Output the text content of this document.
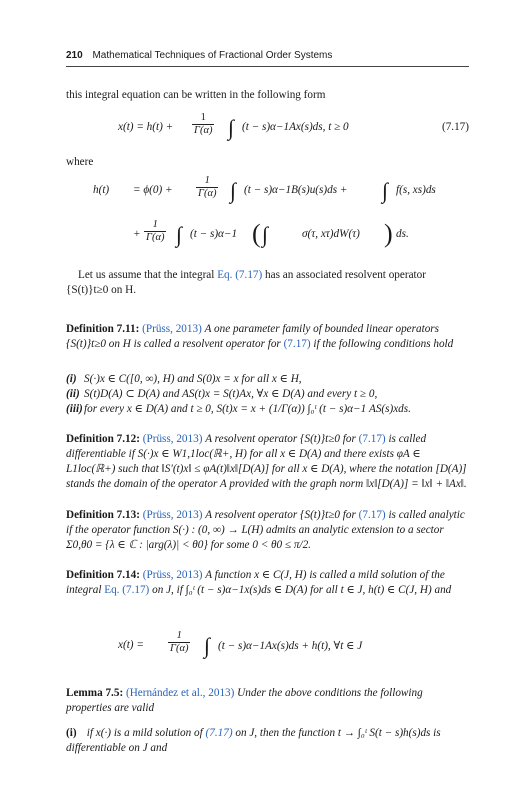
210 Mathematical Techniques of Fractional Order Systems
this integral equation can be written in the following form
$x(t) = h(t) + \frac{1}{\Gamma(\alpha)}$ ∫ (t − s)α−1Ax(s)ds, t ≥ 0	(7.17)
where
$h(t) = \phi(0) + \frac{1}{\Gamma(\alpha)}$ ∫ (t − s)α−1B(s)u(s)ds + ∫ f(s, xs)ds
+ $\frac{1}{\Gamma(\alpha)}$ ∫ (t − s)α−1 ( ∫	σ(τ, xτ)dW(τ) ) ds.
Let us assume that the integral Eq. (7.17) has an associated resolvent operator {S(t)}t≥0 on H.
Definition 7.11: (Prüss, 2013) A one parameter family of bounded linear operators {S(t)}t≥0 on H is called a resolvent operator for (7.17) if the following conditions hold
(i) S(·)x ∈ C([0, ∞), H) and S(0)x = x for all x ∈ H,
(ii) S(t)D(A) ⊂ D(A) and AS(t)x = S(t)Ax, ∀x ∈ D(A) and every t ≥ 0,
(iii)for every x ∈ D(A) and t ≥ 0, S(t)x = x + (1/Γ(α)) ∫₀ᵗ (t − s)α−1 AS(s)xds.
Definition 7.12: (Prüss, 2013) A resolvent operator {S(t)}t≥0 for (7.17) is called differentiable if S(·)x ∈ W1,1loc(ℝ+, H) for all x ∈ D(A) and there exists φA ∈ L1loc(ℝ+) such that ‖S′(t)x‖ ≤ φA(t)‖x‖[D(A)] for all x ∈ D(A), where the notation [D(A)] stands the domain of the operator A provided with the graph norm ‖x‖[D(A)] = ‖x‖ + ‖Ax‖.
Definition 7.13: (Prüss, 2013) A resolvent operator {S(t)}t≥0 for (7.17) is called analytic if the operator function S(·) : (0, ∞) → L(H) admits an analytic extension to a sector Σ0,θ0 = {λ ∈ ℂ : |arg(λ)| < θ0} for some 0 < θ0 ≤ π/2.
Definition 7.14: (Prüss, 2013) A function x ∈ C(J, H) is called a mild solution of the integral Eq. (7.17) on J, if ∫₀ᵗ (t − s)α−1x(s)ds ∈ D(A) for all t ∈ J, h(t) ∈ C(J, H) and
$x(t) = \frac{1}{\Gamma(\alpha)}$ ∫ (t − s)α−1Ax(s)ds + h(t), ∀t ∈ J
Lemma 7.5: (Hernández et al., 2013) Under the above conditions the following properties are valid
(i) if x(·) is a mild solution of (7.17) on J, then the function t → ∫₀ᵗ S(t − s)h(s)ds is differentiable on J and
